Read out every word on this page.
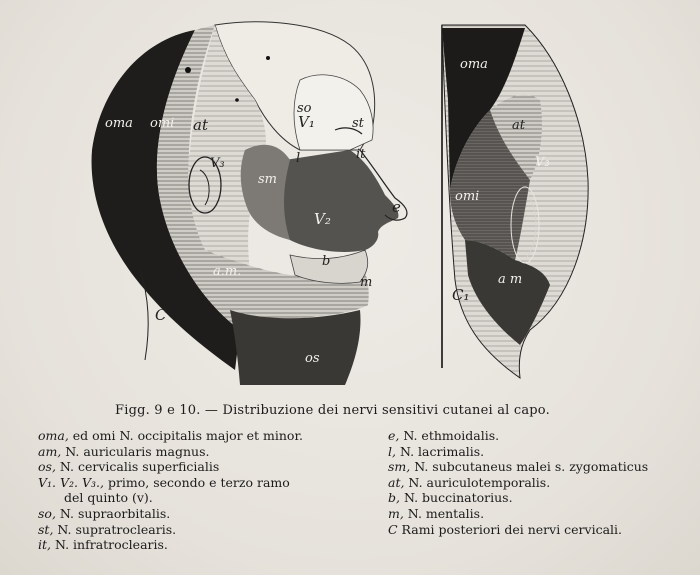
oma omi at
so
V₁	st
l	it
V₃
sm
V₂
e
b
a.m.
m
C
os
oma
at
V₃
omi
a m
C₁
Figg. 9 e 10. — Distribuzione dei nervi sensitivi cutanei al capo.
oma, ed omi N. occipitalis major et minor.
am, N. auricularis magnus.
os, N. cervicalis superficialis
V₁. V₂. V₃., primo, secondo e terzo ramo
del quinto (v).
so, N. supraorbitalis.
st, N. supratroclearis.
it, N. infratroclearis.
e, N. ethmoidalis.
l, N. lacrimalis.
sm, N. subcutaneus malei s. zygomaticus
at, N. auriculotemporalis.
b, N. buccinatorius.
m, N. mentalis.
C Rami posteriori dei nervi cervicali.
